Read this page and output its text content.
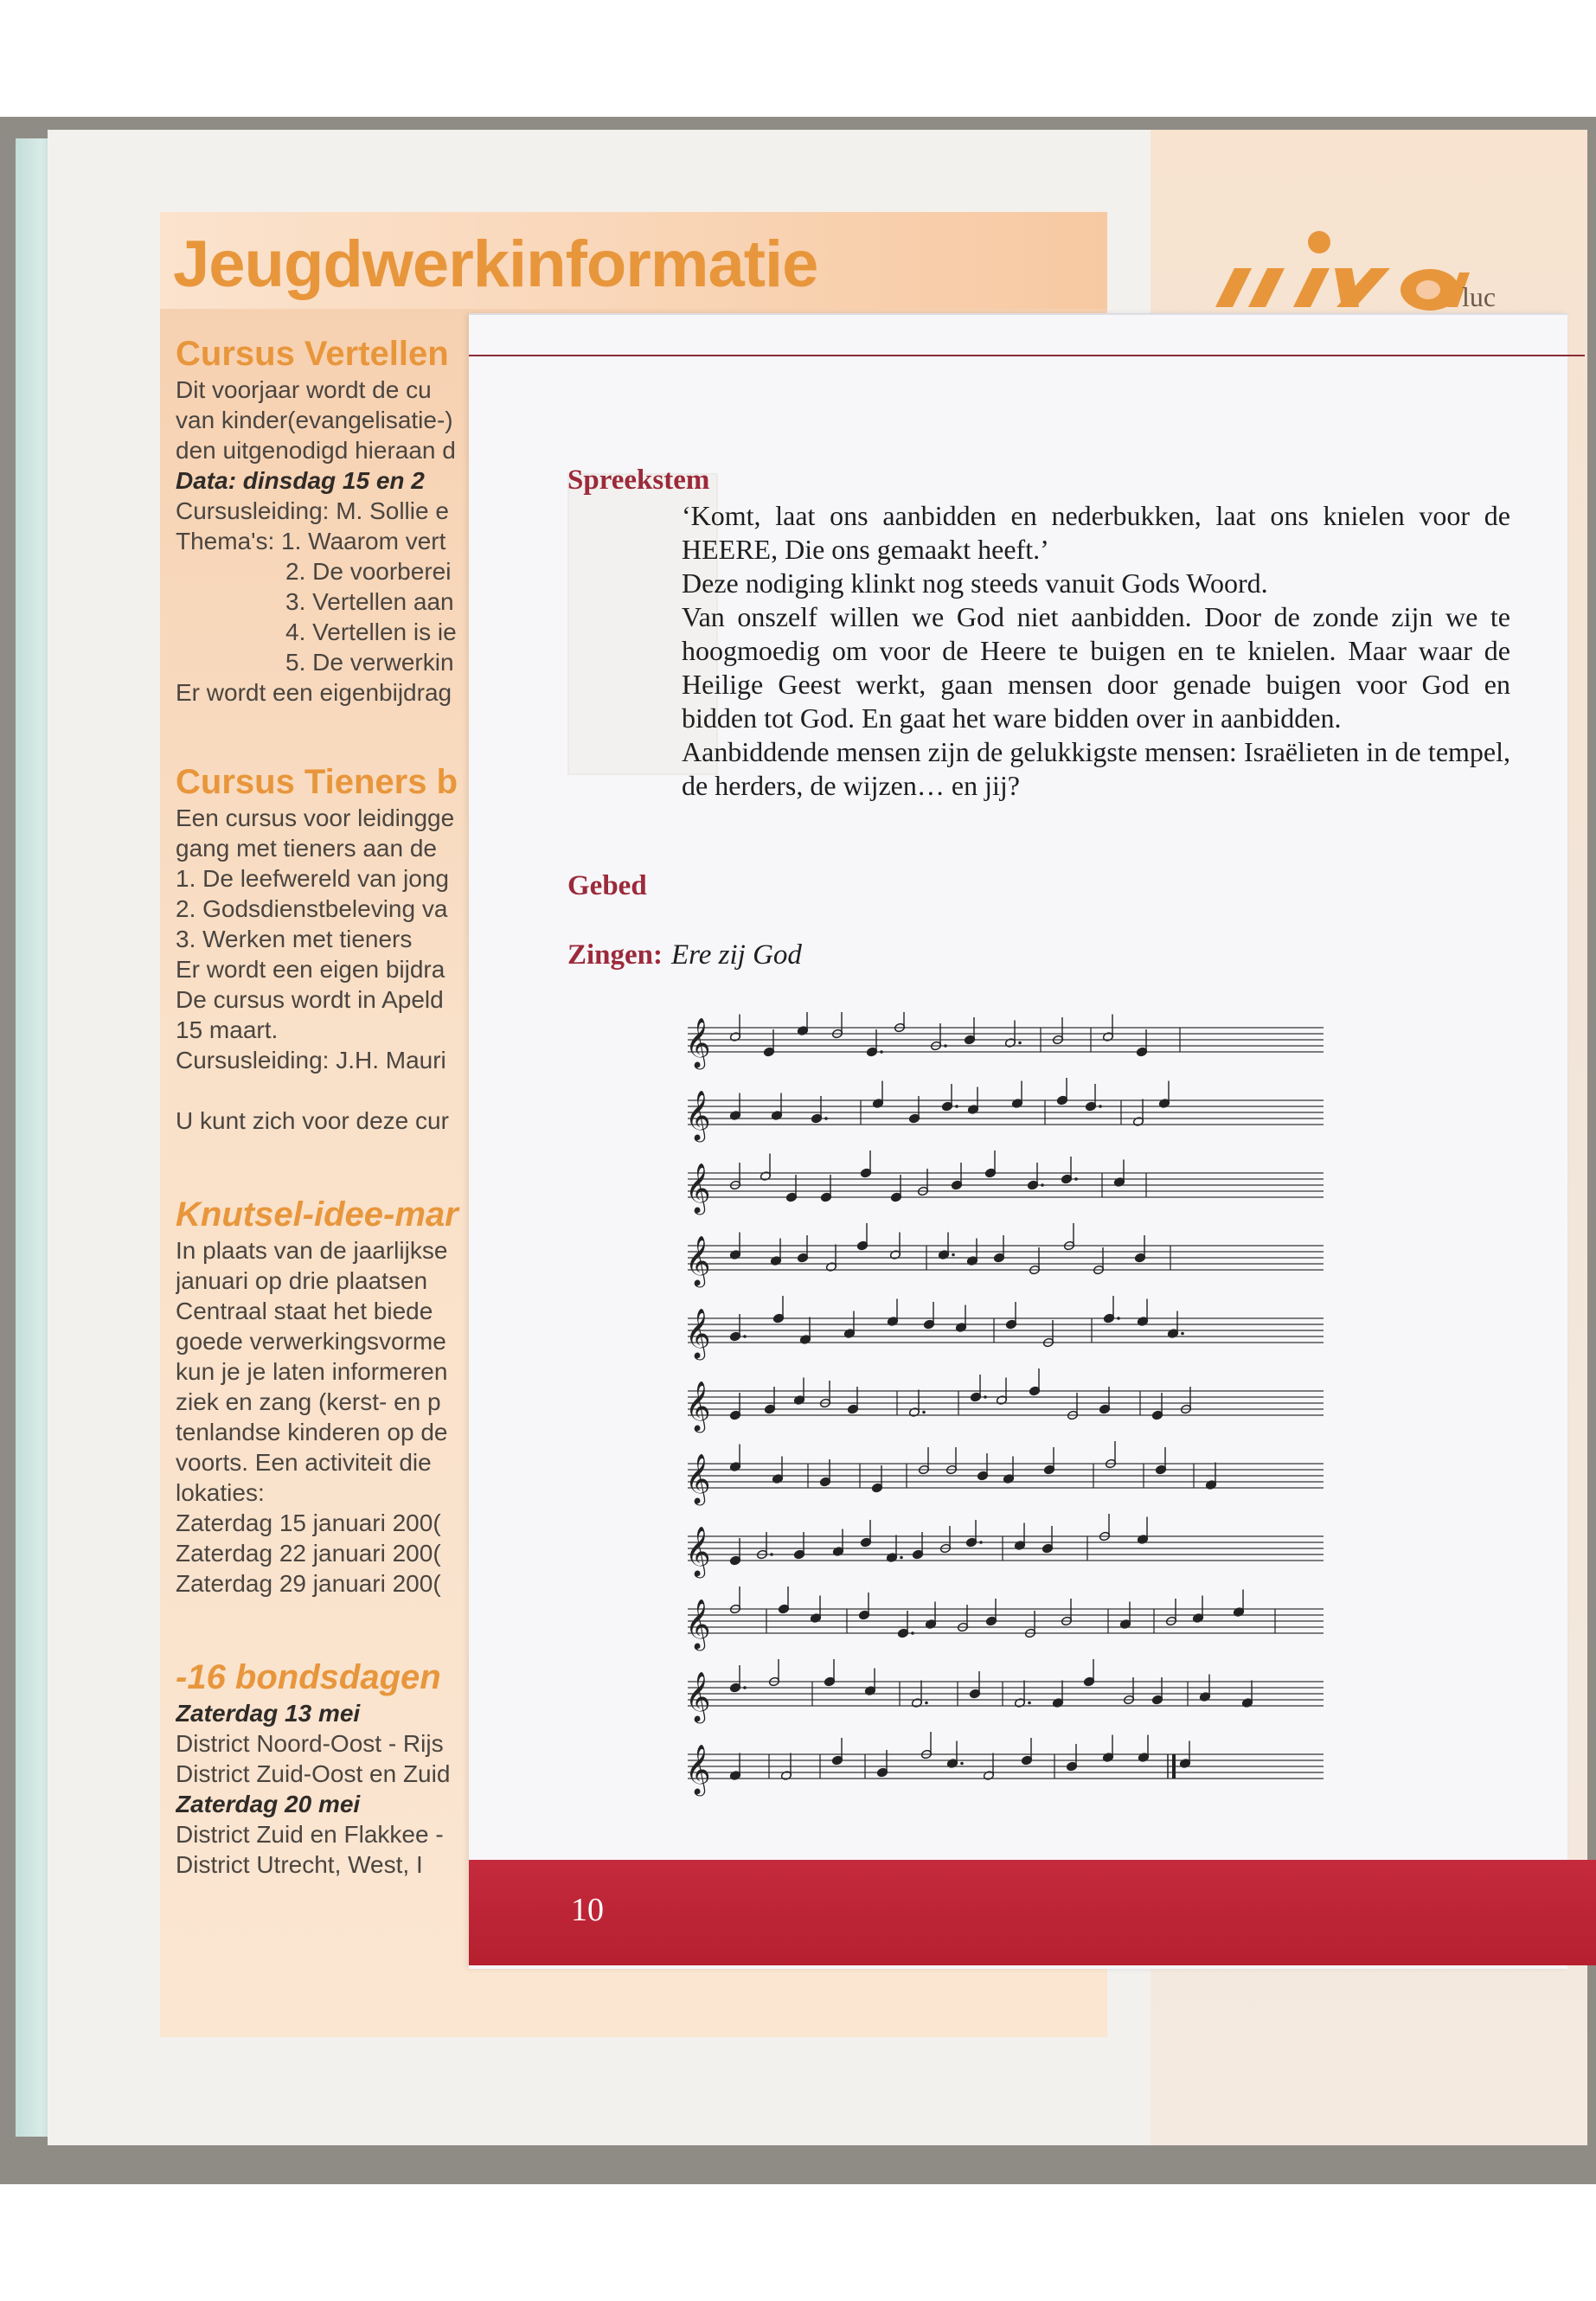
Jeugdwerkinformatie	luc
Cursus Vertellen
Dit voorjaar wordt de cu
van kinder(evangelisatie-)
den uitgenodigd hieraan d
Data: dinsdag 15 en 2
Cursusleiding: M. Sollie e
Thema's: 1. Waarom vert
2. De voorberei
3. Vertellen aan
4. Vertellen is ie
5. De verwerkin
Er wordt een eigenbijdrag
Cursus Tieners b
Een cursus voor leidingge
gang met tieners aan de
1. De leefwereld van jong
2. Godsdienstbeleving va
3. Werken met tieners
Er wordt een eigen bijdra
De cursus wordt in Apeld
15 maart.
Cursusleiding: J.H. Mauri
U kunt zich voor deze cur
Knutsel-idee-mar
In plaats van de jaarlijkse
januari op drie plaatsen
Centraal staat het biede
goede verwerkingsvorme
kun je je laten informeren
ziek en zang (kerst- en p
tenlandse kinderen op de
voorts. Een activiteit die
lokaties:
Zaterdag 15 januari 200(
Zaterdag 22 januari 200(
Zaterdag 29 januari 200(
-16 bondsdagen
Zaterdag 13 mei
District Noord-Oost - Rijs
District Zuid-Oost en Zuid
Zaterdag 20 mei
District Zuid en Flakkee -
District Utrecht, West, I
Spreekstem

‘Komt, laat ons aanbidden en nederbukken, laat ons knielen voor de HEERE, Die ons gemaakt heeft.’

Deze nodiging klinkt nog steeds vanuit Gods Woord.

Van onszelf willen we God niet aanbidden. Door de zonde zijn we te hoogmoedig om voor de Heere te buigen en te knielen. Maar waar de Heilige Geest werkt, gaan mensen door genade buigen voor God en bidden tot God. En gaat het ware bidden over in aanbidden.

Aanbiddende mensen zijn de gelukkigste mensen: Israëlieten in de tempel, de herders, de wijzen… en jij?

Gebed
Zingen: Ere zij God
𝄞
𝄞
𝄞
𝄞
𝄞
𝄞
𝄞
𝄞
𝄞
𝄞
𝄞
10
